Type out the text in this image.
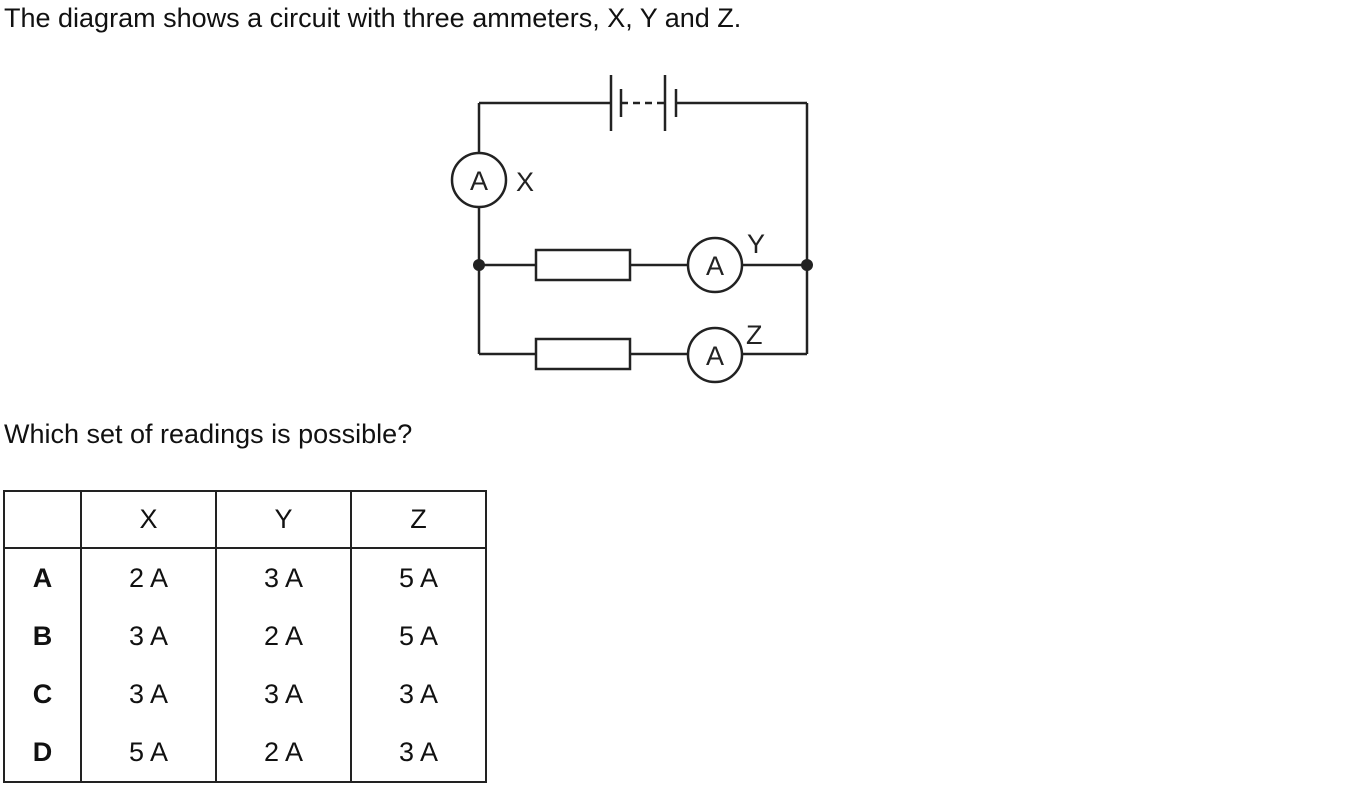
The diagram shows a circuit with three ammeters, X, Y and Z.

A X
A
Y
A
Z

Which set of readings is possible?

	X	Y	Z
A	2 A	3 A	5 A
B	3 A	2 A	5 A
C	3 A	3 A	3 A
D	5 A	2 A	3 A
